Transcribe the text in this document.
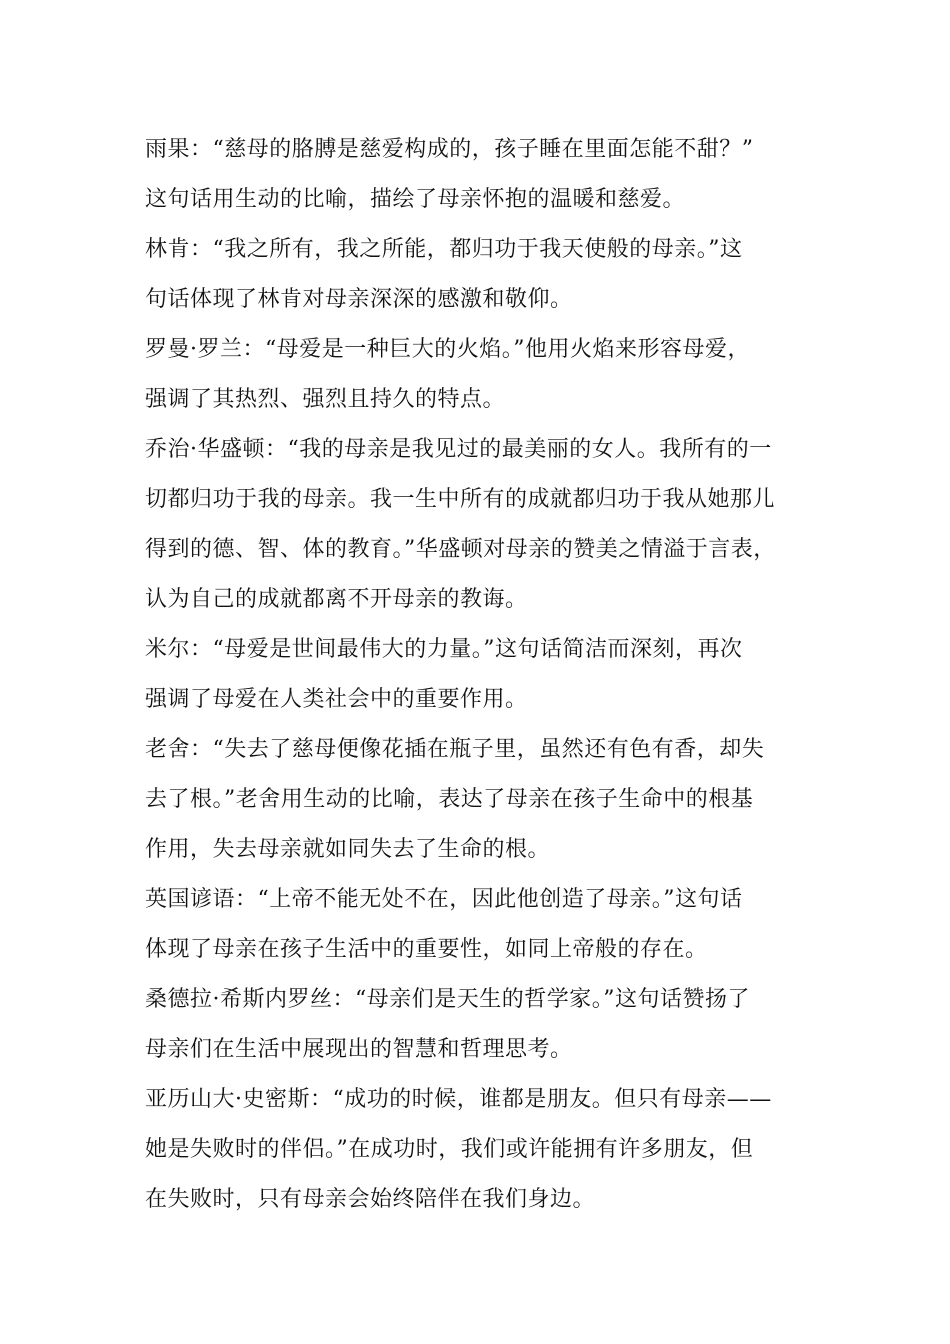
雨果：“慈母的胳膊是慈爱构成的，孩子睡在里面怎能不甜？”
这句话用生动的比喻，描绘了母亲怀抱的温暖和慈爱。
林肯：“我之所有，我之所能，都归功于我天使般的母亲。”这
句话体现了林肯对母亲深深的感激和敬仰。
罗曼·罗兰：“母爱是一种巨大的火焰。”他用火焰来形容母爱，
强调了其热烈、强烈且持久的特点。
乔治·华盛顿：“我的母亲是我见过的最美丽的女人。我所有的一
切都归功于我的母亲。我一生中所有的成就都归功于我从她那儿
得到的德、智、体的教育。”华盛顿对母亲的赞美之情溢于言表，
认为自己的成就都离不开母亲的教诲。
米尔：“母爱是世间最伟大的力量。”这句话简洁而深刻，再次
强调了母爱在人类社会中的重要作用。
老舍：“失去了慈母便像花插在瓶子里，虽然还有色有香，却失
去了根。”老舍用生动的比喻，表达了母亲在孩子生命中的根基
作用，失去母亲就如同失去了生命的根。
英国谚语：“上帝不能无处不在，因此他创造了母亲。”这句话
体现了母亲在孩子生活中的重要性，如同上帝般的存在。
桑德拉·希斯内罗丝：“母亲们是天生的哲学家。”这句话赞扬了
母亲们在生活中展现出的智慧和哲理思考。
亚历山大·史密斯：“成功的时候，谁都是朋友。但只有母亲——
她是失败时的伴侣。”在成功时，我们或许能拥有许多朋友，但
在失败时，只有母亲会始终陪伴在我们身边。
